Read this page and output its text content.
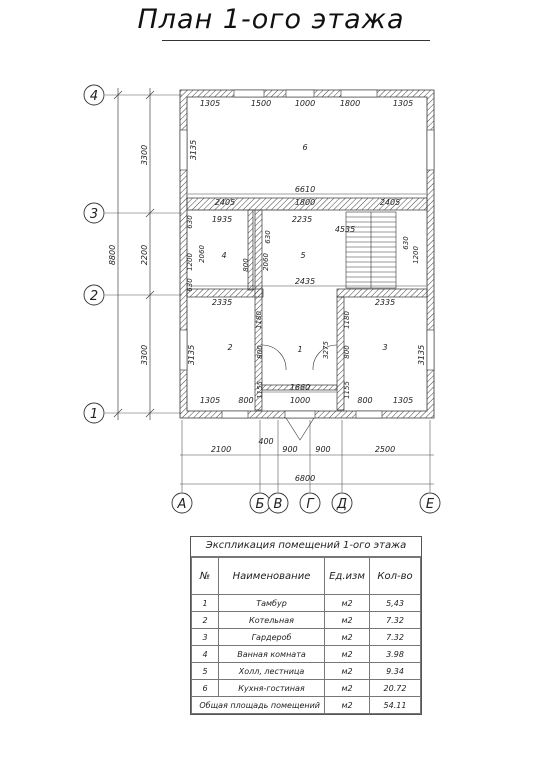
План 1-ого этажа
4
3
2
1
А	Б В Г Д	Е
8800
3300
2200
3300
1305	1500	1000	1800	1305
3135	6
6610
2405	2405
1800
1935	2235
4535
630
630	630
630
1200	1200
2060	2060
800
4	5
2435
2335	2335
3135	3135
1180	1180
800	800
3275
1155	1155
2	1	3
1660
1305 800	1000	800	1305
2100
400
900 900	2500
6800
Экспликация помещений 1-ого этажа
№	Наименование	Ед.изм	Кол-во
1	Тамбур	м2	5,43
2	Котельная	м2	7.32
3	Гардероб	м2	7.32
4	Ванная комната	м2	3.98
5	Холл, лестница	м2	9.34
6	Кухня-гостиная	м2	20.72
Общая площадь помещений		м2	54.11
